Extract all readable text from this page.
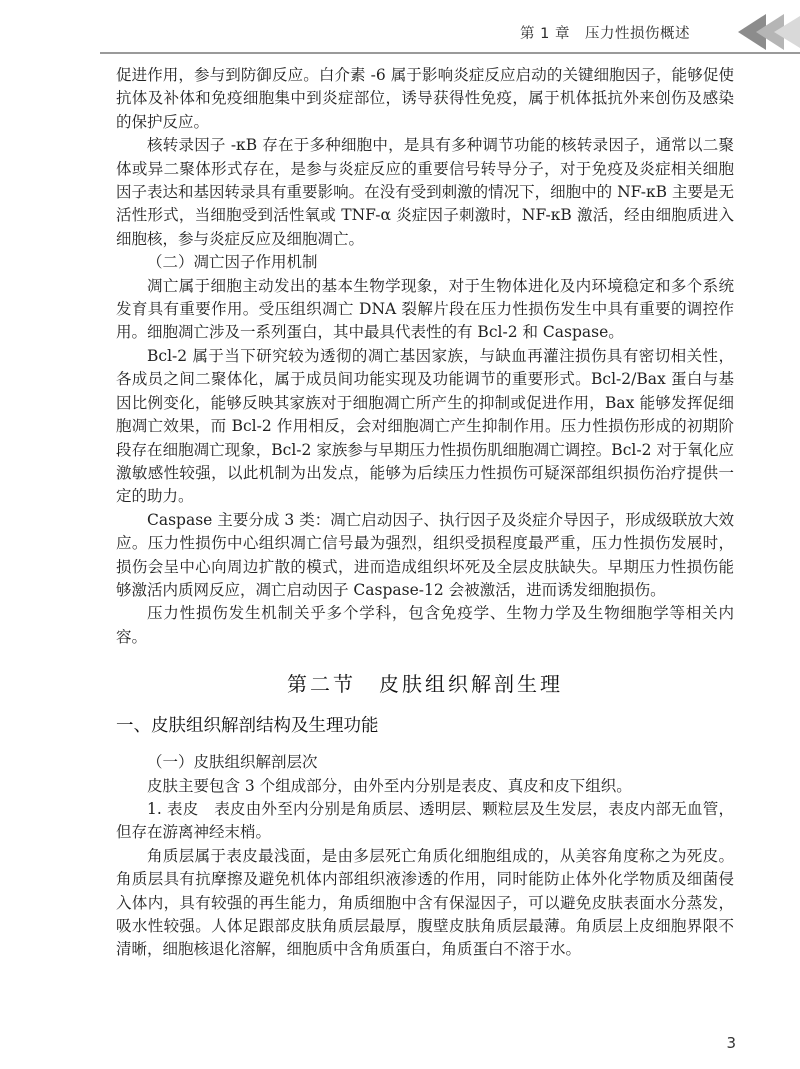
第 1 章　 压力性损伤概述

促进作用，参与到防御反应。白介素 -6 属于影响炎症反应启动的关键细胞因子，能够促使抗体及补体和免疫细胞集中到炎症部位，诱导获得性免疫，属于机体抵抗外来创伤及感染的保护反应。

核转录因子 -κB 存在于多种细胞中，是具有多种调节功能的核转录因子，通常以二聚体或异二聚体形式存在，是参与炎症反应的重要信号转导分子，对于免疫及炎症相关细胞因子表达和基因转录具有重要影响。在没有受到刺激的情况下，细胞中的 NF-κB 主要是无活性形式，当细胞受到活性氧或 TNF-α 炎症因子刺激时，NF-κB 激活，经由细胞质进入细胞核，参与炎症反应及细胞凋亡。

（二）凋亡因子作用机制

凋亡属于细胞主动发出的基本生物学现象，对于生物体进化及内环境稳定和多个系统发育具有重要作用。受压组织凋亡 DNA 裂解片段在压力性损伤发生中具有重要的调控作用。细胞凋亡涉及一系列蛋白，其中最具代表性的有 Bcl-2 和 Caspase。

Bcl-2 属于当下研究较为透彻的凋亡基因家族，与缺血再灌注损伤具有密切相关性，各成员之间二聚体化，属于成员间功能实现及功能调节的重要形式。Bcl-2/Bax 蛋白与基因比例变化，能够反映其家族对于细胞凋亡所产生的抑制或促进作用，Bax 能够发挥促细胞凋亡效果，而 Bcl-2 作用相反，会对细胞凋亡产生抑制作用。压力性损伤形成的初期阶段存在细胞凋亡现象，Bcl-2 家族参与早期压力性损伤肌细胞凋亡调控。Bcl-2 对于氧化应激敏感性较强，以此机制为出发点，能够为后续压力性损伤可疑深部组织损伤治疗提供一定的助力。

Caspase 主要分成 3 类：凋亡启动因子、执行因子及炎症介导因子，形成级联放大效应。压力性损伤中心组织凋亡信号最为强烈，组织受损程度最严重，压力性损伤发展时，损伤会呈中心向周边扩散的模式，进而造成组织坏死及全层皮肤缺失。早期压力性损伤能够激活内质网反应，凋亡启动因子 Caspase-12 会被激活，进而诱发细胞损伤。

压力性损伤发生机制关乎多个学科，包含免疫学、生物力学及生物细胞学等相关内容。

第二节　皮肤组织解剖生理
一、皮肤组织解剖结构及生理功能

（一）皮肤组织解剖层次

皮肤主要包含 3 个组成部分，由外至内分别是表皮、真皮和皮下组织。

1. 表皮　表皮由外至内分别是角质层、透明层、颗粒层及生发层，表皮内部无血管，但存在游离神经末梢。

角质层属于表皮最浅面，是由多层死亡角质化细胞组成的，从美容角度称之为死皮。角质层具有抗摩擦及避免机体内部组织液渗透的作用，同时能防止体外化学物质及细菌侵入体内，具有较强的再生能力，角质细胞中含有保湿因子，可以避免皮肤表面水分蒸发，吸水性较强。人体足跟部皮肤角质层最厚，腹壁皮肤角质层最薄。角质层上皮细胞界限不清晰，细胞核退化溶解，细胞质中含角质蛋白，角质蛋白不溶于水。

3
